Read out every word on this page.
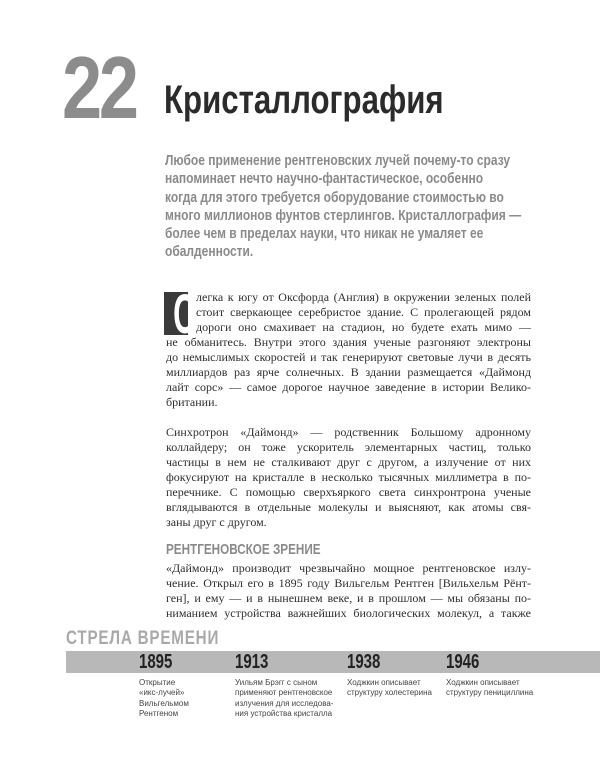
22 Кристаллография
Любое применение рентгеновских лучей почему-то сразу
напоминает нечто научно-фантастическое, особенно
когда для этого требуется оборудование стоимостью во
много миллионов фунтов стерлингов. Кристаллография —
более чем в пределах науки, что никак не умаляет ее
обалденности.
С легка к югу от Оксфорда (Англия) в окружении зеленых полей
стоит сверкающее серебристое здание. С пролегающей рядом
дороги оно смахивает на стадион, но будете ехать мимо —
не обманитесь. Внутри этого здания ученые разгоняют электроны
до немыслимых скоростей и так генерируют световые лучи в десять
миллиардов раз ярче солнечных. В здании размещается «Даймонд
лайт сорс» — самое дорогое научное заведение в истории Велико-
британии.
Синхротрон «Даймонд» — родственник Большому адронному
коллайдеру; он тоже ускоритель элементарных частиц, только
частицы в нем не сталкивают друг с другом, а излучение от них
фокусируют на кристалле в несколько тысячных миллиметра в по-
перечнике. С помощью сверхъяркого света синхронтрона ученые
вглядываются в отдельные молекулы и выясняют, как атомы свя-
заны друг с другом.
РЕНТГЕНОВСКОЕ ЗРЕНИЕ
«Даймонд» производит чрезвычайно мощное рентгеновское излу-
чение. Открыл его в 1895 году Вильгельм Рентген [Вильхельм Рёнт-
ген], и ему — и в нынешнем веке, и в прошлом — мы обязаны по-
ниманием устройства важнейших биологических молекул, а также
СТРЕЛА ВРЕМЕНИ
1895
Открытие
«икс-лучей»
Вильгельмом
Рентгеном
1913
Уильям Брэгг с сыном
применяют рентгеновское
излучения для исследова-
ния устройства кристалла
1938
Ходжкин описывает
структуру холестерина
1946
Ходжкин описывает
структуру пенициллина
